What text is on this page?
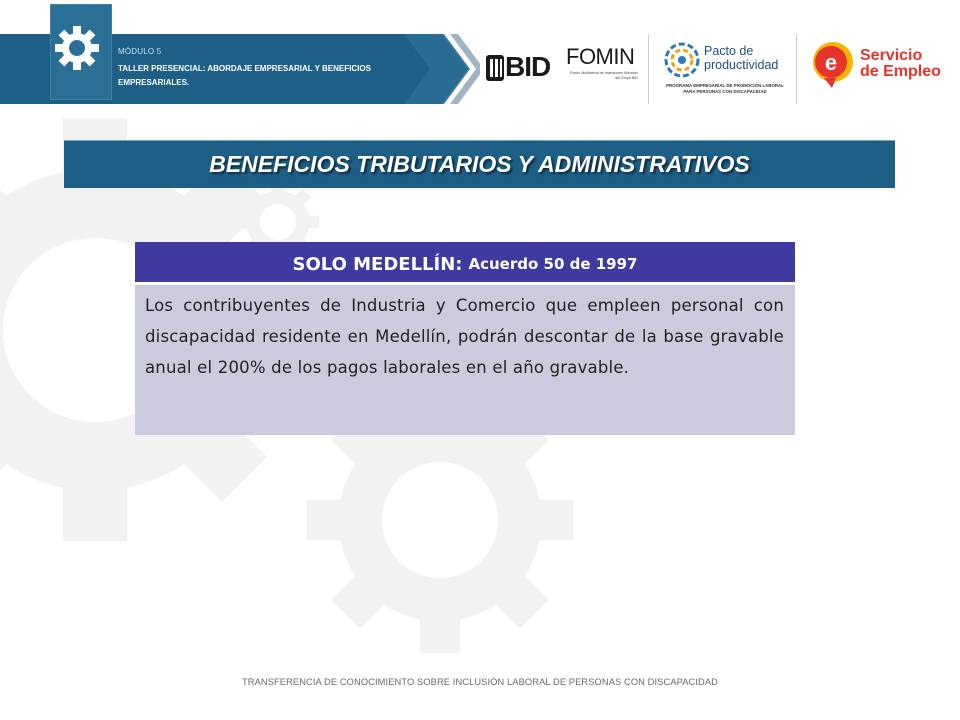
MÓDULO 5
TALLER PRESENCIAL: ABORDAJE EMPRESARIAL Y BENEFICIOS EMPRESARIALES.
BID FOMIN
Fondo Multilateral de Inversiones Miembro del Grupo BID
Pacto de
productividad
PROGRAMA EMPRESARIAL DE PROMOCIÓN LABORAL PARA PERSONAS CON DISCAPACIDAD
e Servicio
de Empleo
BENEFICIOS TRIBUTARIOS Y ADMINISTRATIVOS
SOLO MEDELLÍN: Acuerdo 50 de 1997

Los contribuyentes de Industria y Comercio que empleen personal con discapacidad residente en Medellín, podrán descontar de la base gravable anual el 200% de los pagos laborales en el año gravable.

TRANSFERENCIA DE CONOCIMIENTO SOBRE INCLUSIÓN LABORAL DE PERSONAS CON DISCAPACIDAD
